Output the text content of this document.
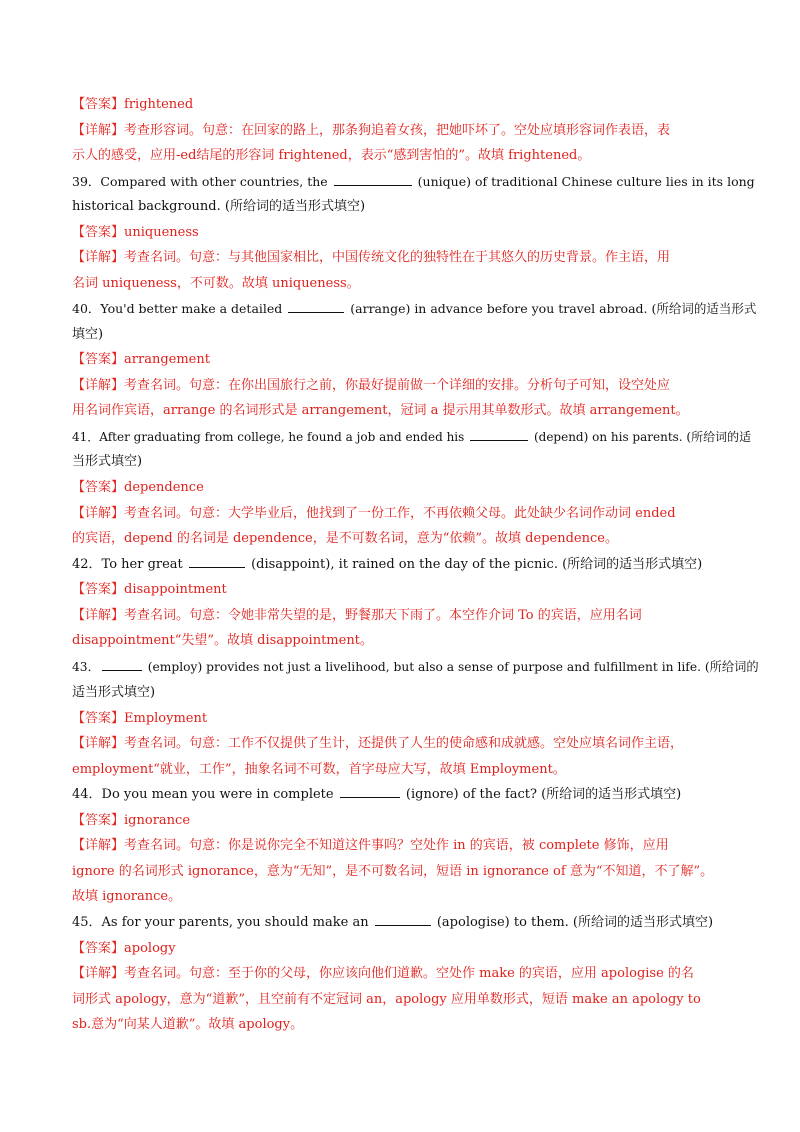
【答案】frightened
【详解】考查形容词。句意：在回家的路上，那条狗追着女孩，把她吓坏了。空处应填形容词作表语，表
示人的感受，应用-ed结尾的形容词 frightened，表示“感到害怕的”。故填 frightened。
39．Compared with other countries, the	(unique) of traditional Chinese culture lies in its long
historical background. (所给词的适当形式填空)
【答案】uniqueness
【详解】考查名词。句意：与其他国家相比，中国传统文化的独特性在于其悠久的历史背景。作主语，用
名词 uniqueness，不可数。故填 uniqueness。
40．You'd better make a detailed	(arrange) in advance before you travel abroad. (所给词的适当形式
填空)
【答案】arrangement
【详解】考查名词。句意：在你出国旅行之前，你最好提前做一个详细的安排。分析句子可知，设空处应
用名词作宾语，arrange 的名词形式是 arrangement，冠词 a 提示用其单数形式。故填 arrangement。
41．After graduating from college, he found a job and ended his	(depend) on his parents. (所给词的适
当形式填空)
【答案】dependence
【详解】考查名词。句意：大学毕业后，他找到了一份工作，不再依赖父母。此处缺少名词作动词 ended
的宾语，depend 的名词是 dependence，是不可数名词，意为“依赖”。故填 dependence。
42．To her great	(disappoint), it rained on the day of the picnic. (所给词的适当形式填空)
【答案】disappointment
【详解】考查名词。句意：令她非常失望的是，野餐那天下雨了。本空作介词 To 的宾语，应用名词
disappointment“失望”。故填 disappointment。
43．	(employ) provides not just a livelihood, but also a sense of purpose and fulfillment in life. (所给词的
适当形式填空)
【答案】Employment
【详解】考查名词。句意：工作不仅提供了生计，还提供了人生的使命感和成就感。空处应填名词作主语，
employment“就业，工作”，抽象名词不可数，首字母应大写，故填 Employment。
44．Do you mean you were in complete	(ignore) of the fact? (所给词的适当形式填空)
【答案】ignorance
【详解】考查名词。句意：你是说你完全不知道这件事吗？空处作 in 的宾语，被 complete 修饰，应用
ignore 的名词形式 ignorance，意为“无知”，是不可数名词，短语 in ignorance of 意为“不知道，不了解”。
故填 ignorance。
45．As for your parents, you should make an	(apologise) to them. (所给词的适当形式填空)
【答案】apology
【详解】考查名词。句意：至于你的父母，你应该向他们道歉。空处作 make 的宾语，应用 apologise 的名
词形式 apology，意为“道歉”，且空前有不定冠词 an，apology 应用单数形式，短语 make an apology to
sb.意为“向某人道歉”。故填 apology。
